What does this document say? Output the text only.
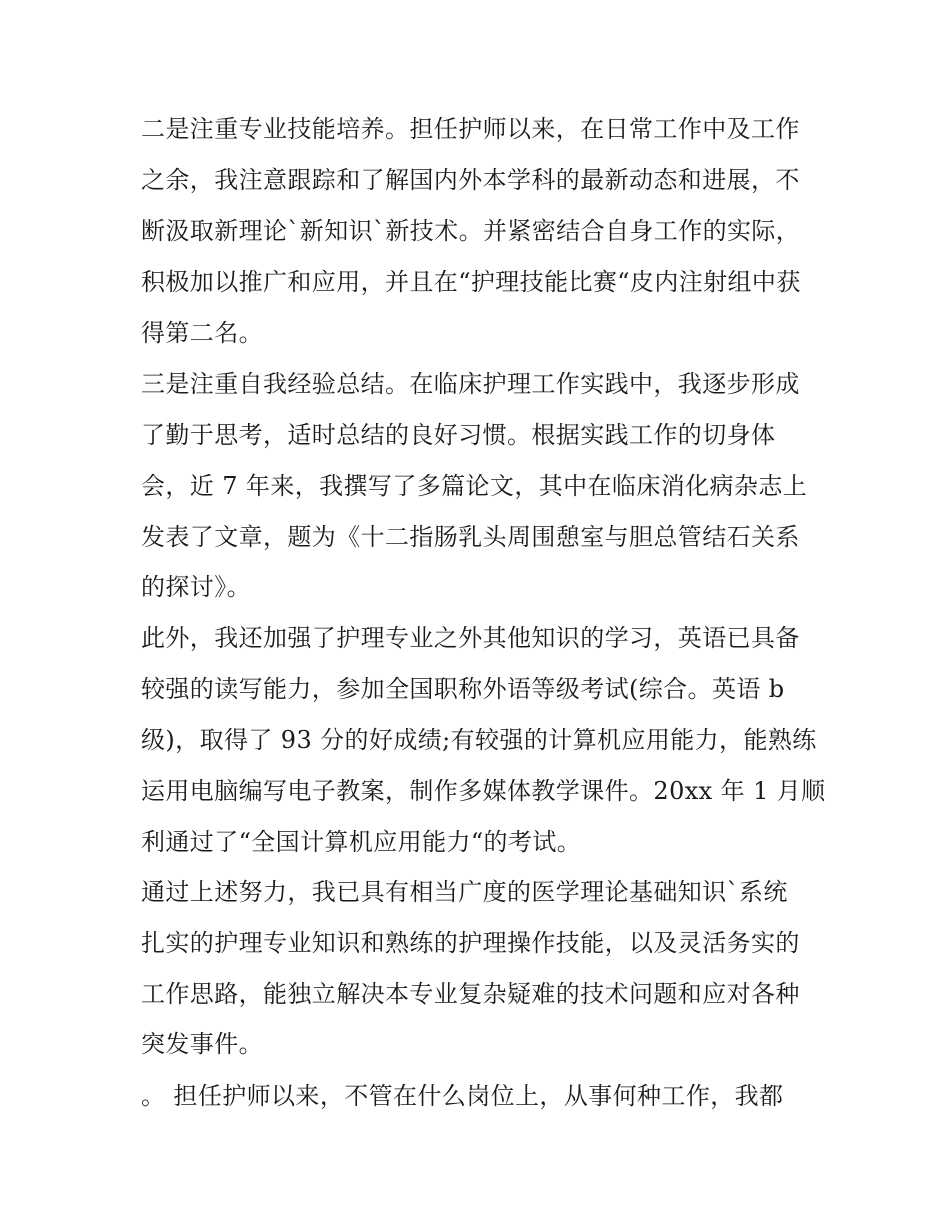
二是注重专业技能培养。担任护师以来，在日常工作中及工作
之余，我注意跟踪和了解国内外本学科的最新动态和进展，不
断汲取新理论`新知识`新技术。并紧密结合自身工作的实际，
积极加以推广和应用，并且在“护理技能比赛“皮内注射组中获
得第二名。
三是注重自我经验总结。在临床护理工作实践中，我逐步形成
了勤于思考，适时总结的良好习惯。根据实践工作的切身体
会，近 7 年来，我撰写了多篇论文，其中在临床消化病杂志上
发表了文章，题为《十二指肠乳头周围憩室与胆总管结石关系
的探讨》。
此外，我还加强了护理专业之外其他知识的学习，英语已具备
较强的读写能力，参加全国职称外语等级考试(综合。英语 b
级)，取得了 93 分的好成绩;有较强的计算机应用能力，能熟练
运用电脑编写电子教案，制作多媒体教学课件。20xx 年 1 月顺
利通过了“全国计算机应用能力“的考试。
通过上述努力，我已具有相当广度的医学理论基础知识`系统
扎实的护理专业知识和熟练的护理操作技能，以及灵活务实的
工作思路，能独立解决本专业复杂疑难的技术问题和应对各种
突发事件。
。 担任护师以来，不管在什么岗位上，从事何种工作，我都
